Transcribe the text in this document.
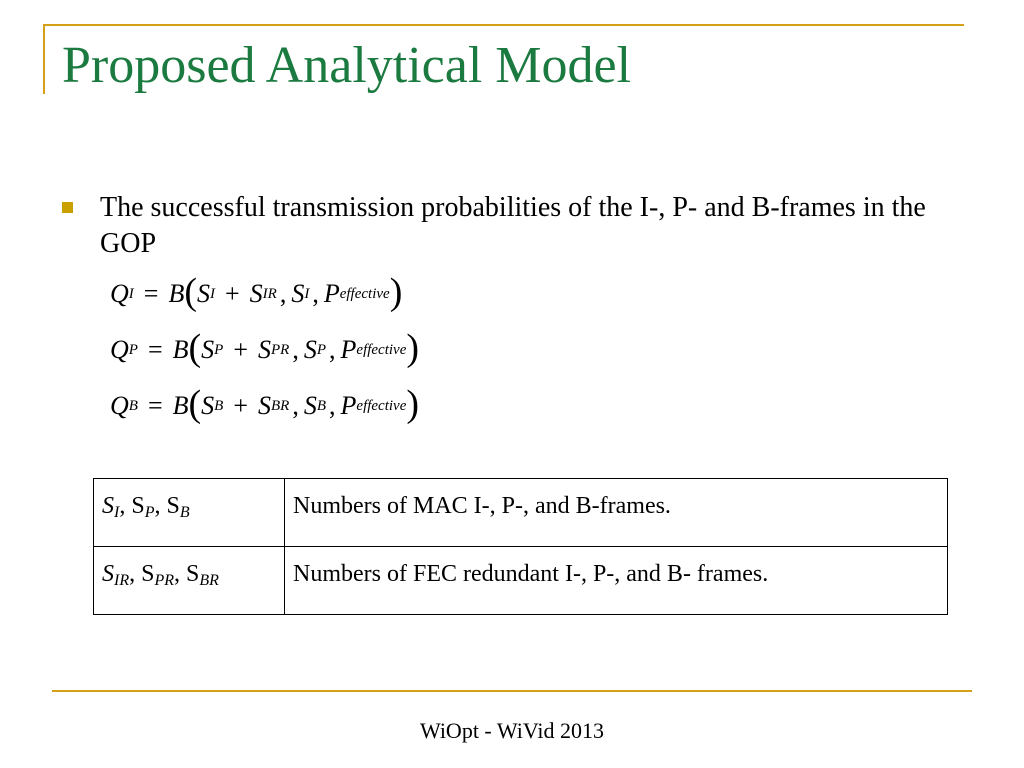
Proposed Analytical Model
The successful transmission probabilities of the I-, P- and B-frames in the GOP
Q I = B ( S I + S IR , S I , P effective )
Q P = B ( S P + S PR , S P , P effective )
Q B = B ( S B + S BR , S B , P effective )
SI, SP, SB	Numbers of MAC I-, P-, and B-frames.
SIR, SPR, SBR	Numbers of FEC redundant I-, P-, and B- frames.
WiOpt - WiVid 2013
